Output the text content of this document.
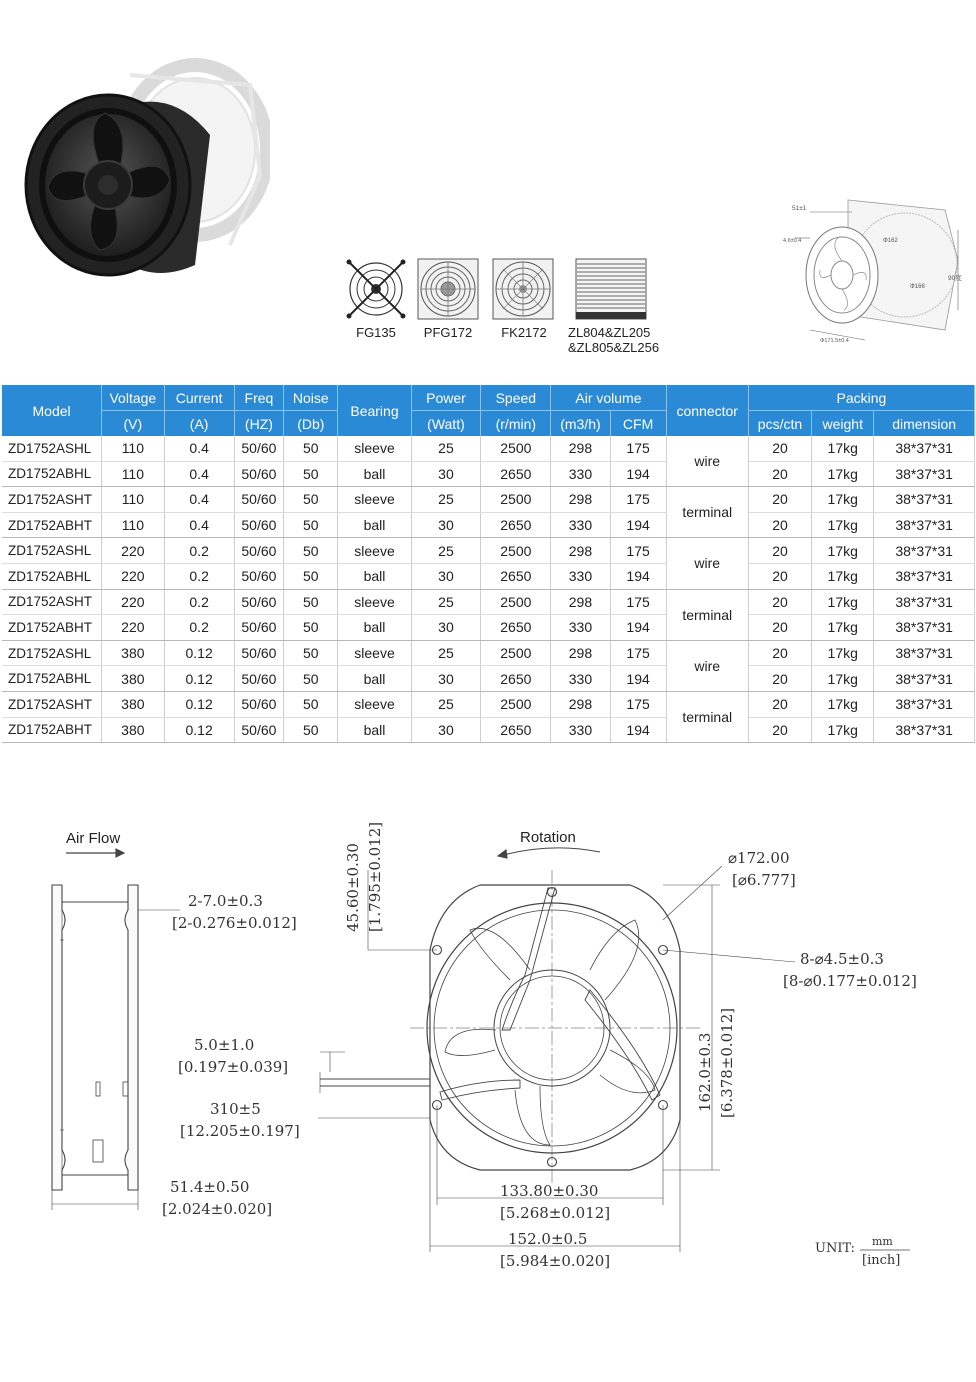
FG135	PFG172	FK2172	ZL804&ZL205
&ZL805&ZL256
51±1
4.6±0.4	Φ162
Φ166
90度
Φ171.5±0.4
Model	Voltage	Current	Freq	Noise	Bearing	Power	Speed	Air volume		connector	Packing		
	(V)	(A)	(HZ)	(Db)		(Watt)	(r/min)	(m3/h)	CFM		pcs/ctn	weight	dimension
ZD1752ASHL	110	0.4	50/60	50	sleeve	25	2500	298	175	wire	20	17kg	38*37*31
ZD1752ABHL	110	0.4	50/60	50	ball	30	2650	330	194		20	17kg	38*37*31
ZD1752ASHT	110	0.4	50/60	50	sleeve	25	2500	298	175	terminal	20	17kg	38*37*31
ZD1752ABHT	110	0.4	50/60	50	ball	30	2650	330	194		20	17kg	38*37*31
ZD1752ASHL	220	0.2	50/60	50	sleeve	25	2500	298	175	wire	20	17kg	38*37*31
ZD1752ABHL	220	0.2	50/60	50	ball	30	2650	330	194		20	17kg	38*37*31
ZD1752ASHT	220	0.2	50/60	50	sleeve	25	2500	298	175	terminal	20	17kg	38*37*31
ZD1752ABHT	220	0.2	50/60	50	ball	30	2650	330	194		20	17kg	38*37*31
ZD1752ASHL	380	0.12	50/60	50	sleeve	25	2500	298	175	wire	20	17kg	38*37*31
ZD1752ABHL	380	0.12	50/60	50	ball	30	2650	330	194		20	17kg	38*37*31
ZD1752ASHT	380	0.12	50/60	50	sleeve	25	2500	298	175	terminal	20	17kg	38*37*31
ZD1752ABHT	380	0.12	50/60	50	ball	30	2650	330	194		20	17kg	38*37*31
Air Flow	Rotation
2-7.0±0.3
[2-0.276±0.012]	45.60±0.30 [1.795±0.012]	⌀172.00
[⌀6.777]
8-⌀4.5±0.3
[8-⌀0.177±0.012]
5.0±1.0
[0.197±0.039]
310±5
[12.205±0.197]
162.0±0.3 [6.378±0.012]
51.4±0.50
[2.024±0.020]
133.80±0.30
[5.268±0.012]
152.0±0.5
[5.984±0.020]
UNIT: mm
[inch]
